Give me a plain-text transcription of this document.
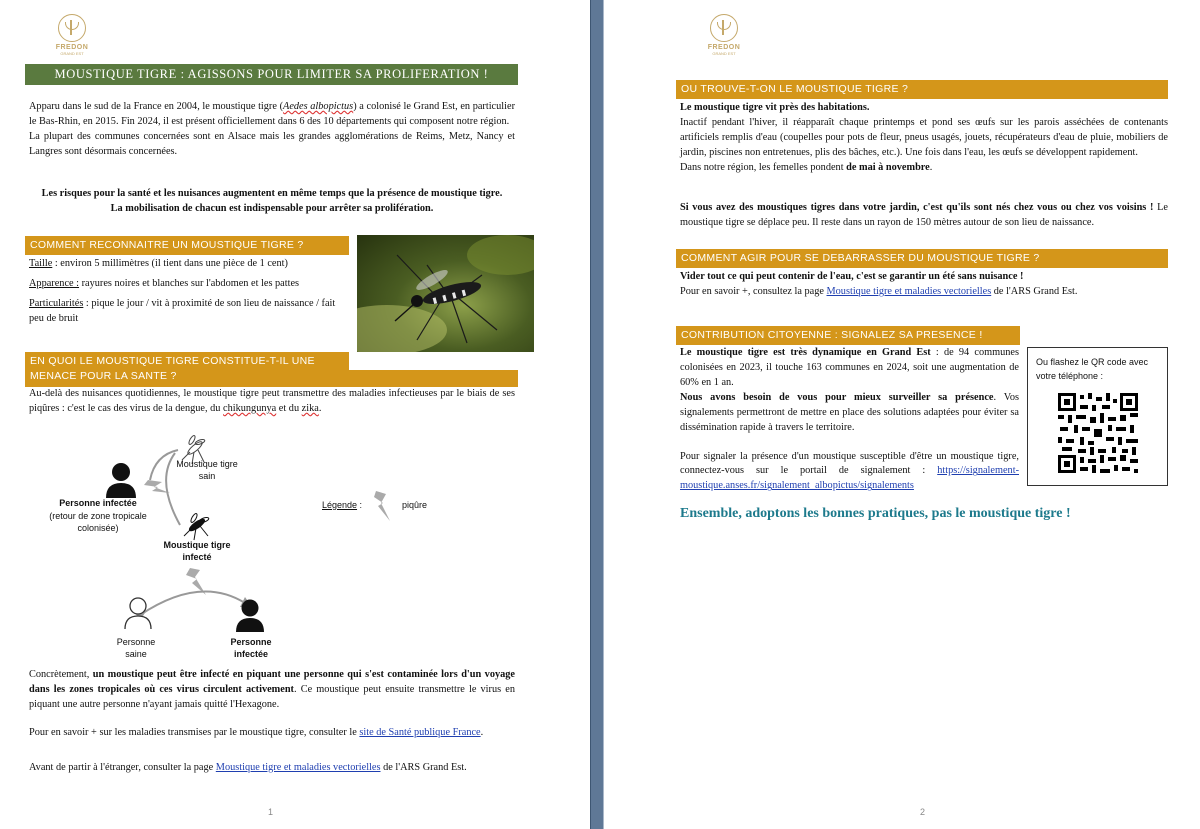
FREDON
GRAND EST
MOUSTIQUE TIGRE : AGISSONS POUR LIMITER SA PROLIFERATION !
Apparu dans le sud de la France en 2004, le moustique tigre (Aedes albopictus) a colonisé le Grand Est, en particulier le Bas-Rhin, en 2015. Fin 2024, il est présent officiellement dans 6 des 10 départements qui composent notre région.
La plupart des communes concernées sont en Alsace mais les grandes agglomérations de Reims, Metz, Nancy et Langres sont désormais concernées.
Les risques pour la santé et les nuisances augmentent en même temps que la présence de moustique tigre.
La mobilisation de chacun est indispensable pour arrêter sa prolifération.
COMMENT RECONNAITRE UN MOUSTIQUE TIGRE ?
Taille : environ 5 millimètres (il tient dans une pièce de 1 cent)
Apparence : rayures noires et blanches sur l'abdomen et les pattes
Particularités : pique le jour / vit à proximité de son lieu de naissance / fait peu de bruit
EN QUOI LE MOUSTIQUE TIGRE CONSTITUE-T-IL UNE MENACE POUR LA SANTE ?
Au-delà des nuisances quotidiennes, le moustique tigre peut transmettre des maladies infectieuses par le biais de ses piqûres : c'est le cas des virus de la dengue, du chikungunya et du zika.
Moustique tigre sain
Personne infectée
(retour de zone tropicale colonisée)
Moustique tigre infecté
Personne saine
Personne infectée
Légende :	piqûre
Concrètement, un moustique peut être infecté en piquant une personne qui s'est contaminée lors d'un voyage dans les zones tropicales où ces virus circulent activement. Ce moustique peut ensuite transmettre le virus en piquant une autre personne n'ayant jamais quitté l'Hexagone.
Pour en savoir + sur les maladies transmises par le moustique tigre, consulter le site de Santé publique France.
Avant de partir à l'étranger, consulter la page Moustique tigre et maladies vectorielles de l'ARS Grand Est.
1
FREDON
GRAND EST
OU TROUVE-T-ON LE MOUSTIQUE TIGRE ?
Le moustique tigre vit près des habitations.
Inactif pendant l'hiver, il réapparaît chaque printemps et pond ses œufs sur les parois asséchées de contenants artificiels remplis d'eau (coupelles pour pots de fleur, pneus usagés, jouets, récupérateurs d'eau de pluie, mobiliers de jardin, piscines non entretenues, plis des bâches, etc.). Une fois dans l'eau, les œufs se développent rapidement.
Dans notre région, les femelles pondent de mai à novembre.
Si vous avez des moustiques tigres dans votre jardin, c'est qu'ils sont nés chez vous ou chez vos voisins ! Le moustique tigre se déplace peu. Il reste dans un rayon de 150 mètres autour de son lieu de naissance.
COMMENT AGIR POUR SE DEBARRASSER DU MOUSTIQUE TIGRE ?
Vider tout ce qui peut contenir de l'eau, c'est se garantir un été sans nuisance !
Pour en savoir +, consultez la page Moustique tigre et maladies vectorielles de l'ARS Grand Est.
CONTRIBUTION CITOYENNE : SIGNALEZ SA PRESENCE !
Le moustique tigre est très dynamique en Grand Est : de 94 communes colonisées en 2023, il touche 163 communes en 2024, soit une augmentation de 60% en 1 an.
Nous avons besoin de vous pour mieux surveiller sa présence. Vos signalements permettront de mettre en place des solutions adaptées pour éviter sa dissémination rapide à travers le territoire.
Pour signaler la présence d'un moustique susceptible d'être un moustique tigre, connectez-vous sur le portail de signalement : https://signalement-moustique.anses.fr/signalement_albopictus/signalements
Ou flashez le QR code avec votre téléphone :
Ensemble, adoptons les bonnes pratiques, pas le moustique tigre !
2
